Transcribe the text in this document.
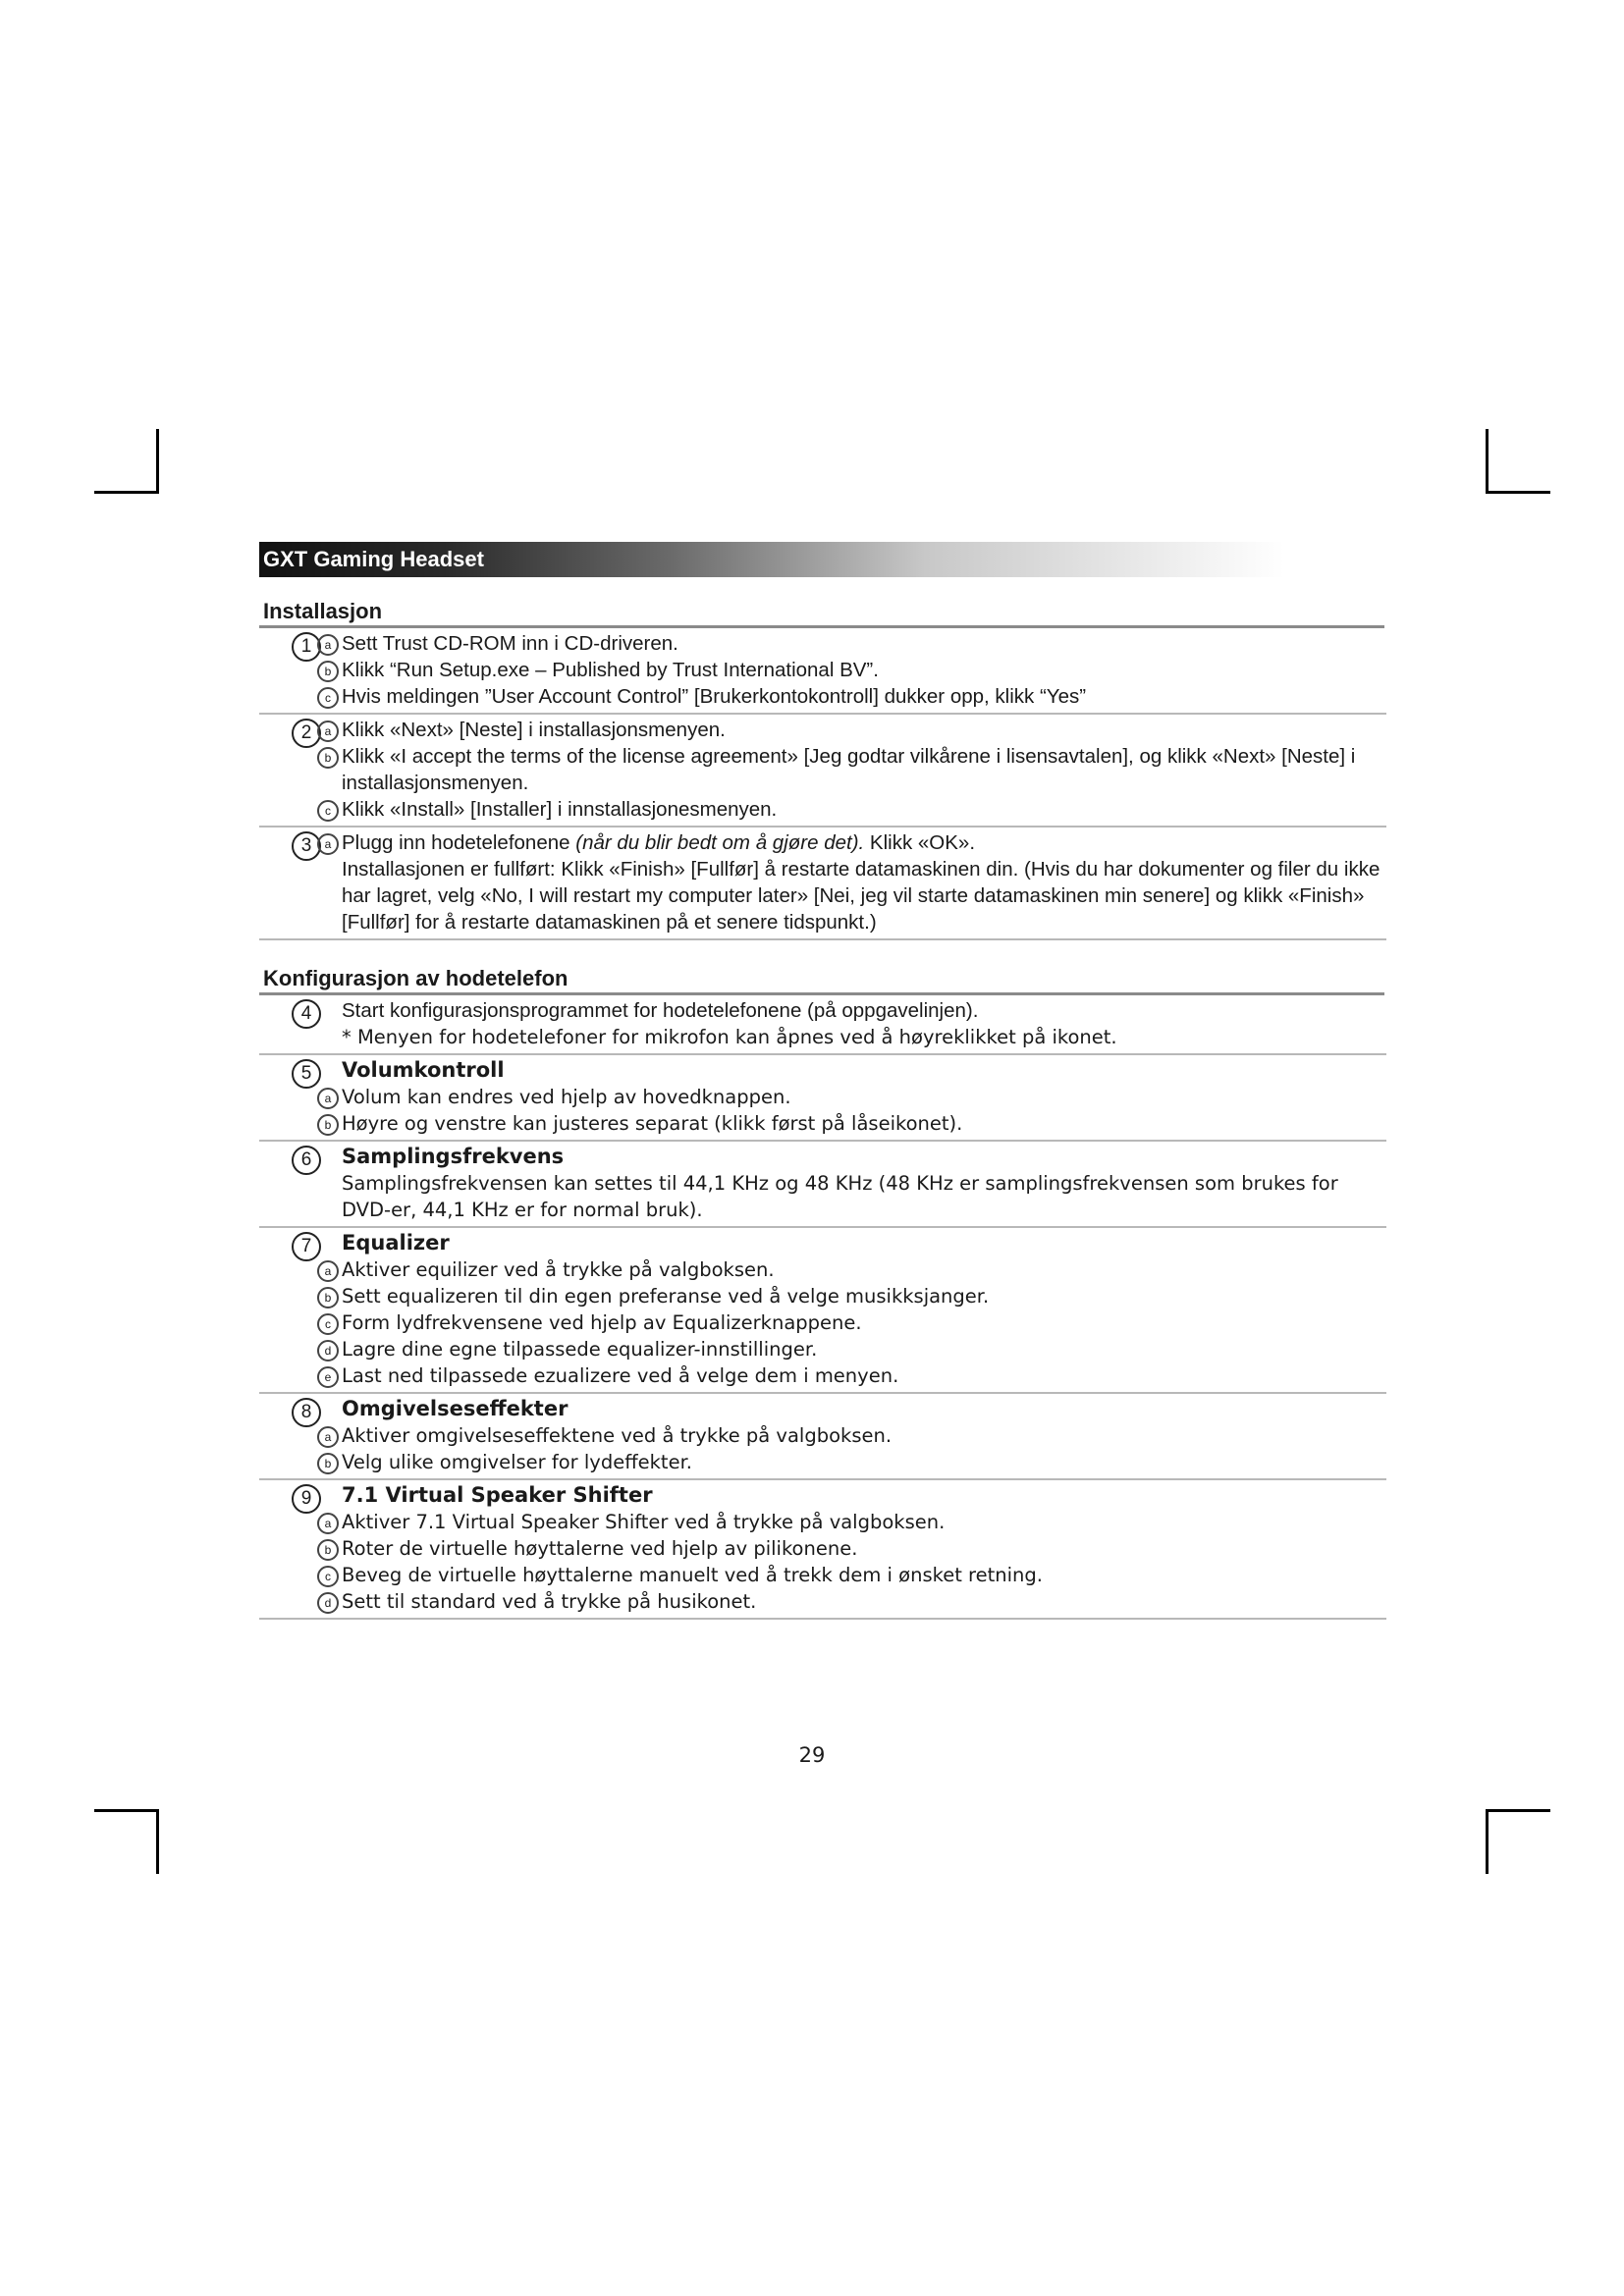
GXT Gaming Headset
Installasjon
1	a Sett Trust CD-ROM inn i CD-driveren.
b Klikk “Run Setup.exe – Published by Trust International BV”.
c Hvis meldingen ”User Account Control” [Brukerkontokontroll] dukker opp, klikk “Yes”
2	a Klikk «Next» [Neste] i installasjonsmenyen.
b Klikk «I accept the terms of the license agreement» [Jeg godtar vilkårene i lisensavtalen], og klikk «Next» [Neste] i installasjonsmenyen.
c Klikk «Install» [Installer] i innstallasjonesmenyen.
3	a Plugg inn hodetelefonene (når du blir bedt om å gjøre det). Klikk «OK».
Installasjonen er fullført: Klikk «Finish» [Fullfør] å restarte datamaskinen din. (Hvis du har dokumenter og filer du ikke har lagret, velg «No, I will restart my computer later» [Nei, jeg vil starte datamaskinen min senere] og klikk «Finish» [Fullfør] for å restarte datamaskinen på et senere tidspunkt.)
Konfigurasjon av hodetelefon
4	Start konfigurasjonsprogrammet for hodetelefonene (på oppgavelinjen).
* Menyen for hodetelefoner for mikrofon kan åpnes ved å høyreklikket på ikonet.
5	Volumkontroll
a Volum kan endres ved hjelp av hovedknappen.
b Høyre og venstre kan justeres separat (klikk først på låseikonet).
6	Samplingsfrekvens
Samplingsfrekvensen kan settes til 44,1 KHz og 48 KHz (48 KHz er samplingsfrekvensen som brukes for DVD-er, 44,1 KHz er for normal bruk).
7	Equalizer
a Aktiver equilizer ved å trykke på valgboksen.
b Sett equalizeren til din egen preferanse ved å velge musikksjanger.
c Form lydfrekvensene ved hjelp av Equalizerknappene.
d Lagre dine egne tilpassede equalizer-innstillinger.
e Last ned tilpassede ezualizere ved å velge dem i menyen.
8	Omgivelseseffekter
a Aktiver omgivelseseffektene ved å trykke på valgboksen.
b Velg ulike omgivelser for lydeffekter.
9	7.1 Virtual Speaker Shifter
a Aktiver 7.1 Virtual Speaker Shifter ved å trykke på valgboksen.
b Roter de virtuelle høyttalerne ved hjelp av pilikonene.
c Beveg de virtuelle høyttalerne manuelt ved å trekk dem i ønsket retning.
d Sett til standard ved å trykke på husikonet.
29
